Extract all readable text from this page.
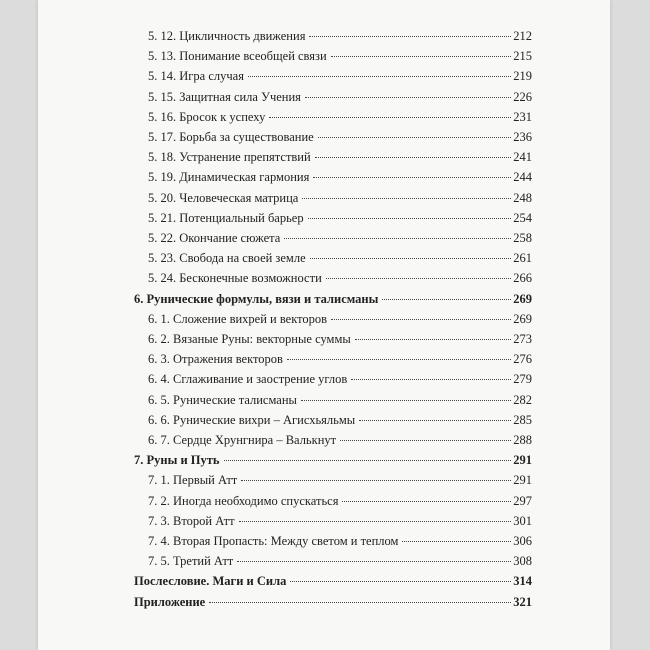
5. 12. Цикличность движения	212
5. 13. Понимание всеобщей связи	215
5. 14. Игра случая	219
5. 15. Защитная сила Учения	226
5. 16. Бросок к успеху	231
5. 17. Борьба за существование	236
5. 18. Устранение препятствий	241
5. 19. Динамическая гармония	244
5. 20. Человеческая матрица	248
5. 21. Потенциальный барьер	254
5. 22. Окончание сюжета	258
5. 23. Свобода на своей земле	261
5. 24. Бесконечные возможности	266
6. Рунические формулы, вязи и талисманы	269
6. 1. Сложение вихрей и векторов	269
6. 2. Вязаные Руны: векторные суммы	273
6. 3. Отражения векторов	276
6. 4. Сглаживание и заострение углов	279
6. 5. Рунические талисманы	282
6. 6. Рунические вихри – Агисхьяльмы	285
6. 7. Сердце Хрунгнира – Валькнут	288
7. Руны и Путь	291
7. 1. Первый Атт	291
7. 2. Иногда необходимо спускаться	297
7. 3. Второй Атт	301
7. 4. Вторая Пропасть: Между светом и теплом	306
7. 5. Третий Атт	308
Послесловие. Маги и Сила	314
Приложение	321
